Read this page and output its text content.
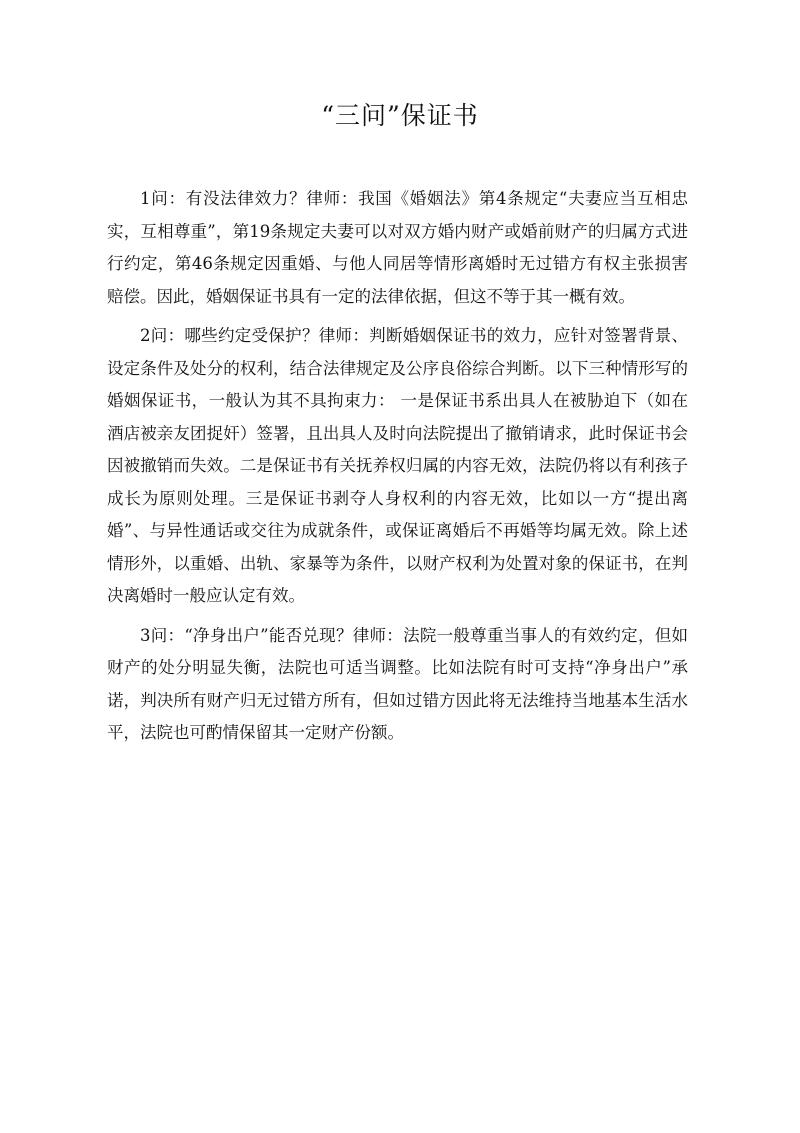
“三问”保证书

1问：有没法律效力？律师：我国《婚姻法》第4条规定“夫妻应当互相忠实，互相尊重”，第19条规定夫妻可以对双方婚内财产或婚前财产的归属方式进行约定，第46条规定因重婚、与他人同居等情形离婚时无过错方有权主张损害赔偿。因此，婚姻保证书具有一定的法律依据，但这不等于其一概有效。

2问：哪些约定受保护？律师：判断婚姻保证书的效力，应针对签署背景、设定条件及处分的权利，结合法律规定及公序良俗综合判断。以下三种情形写的婚姻保证书，一般认为其不具拘束力： 一是保证书系出具人在被胁迫下（如在酒店被亲友团捉奸）签署，且出具人及时向法院提出了撤销请求，此时保证书会因被撤销而失效。二是保证书有关抚养权归属的内容无效，法院仍将以有利孩子成长为原则处理。三是保证书剥夺人身权利的内容无效，比如以一方“提出离婚”、与异性通话或交往为成就条件，或保证离婚后不再婚等均属无效。除上述情形外，以重婚、出轨、家暴等为条件，以财产权利为处置对象的保证书，在判决离婚时一般应认定有效。

3问：“净身出户”能否兑现？律师：法院一般尊重当事人的有效约定，但如财产的处分明显失衡，法院也可适当调整。比如法院有时可支持“净身出户”承诺，判决所有财产归无过错方所有，但如过错方因此将无法维持当地基本生活水平，法院也可酌情保留其一定财产份额。
